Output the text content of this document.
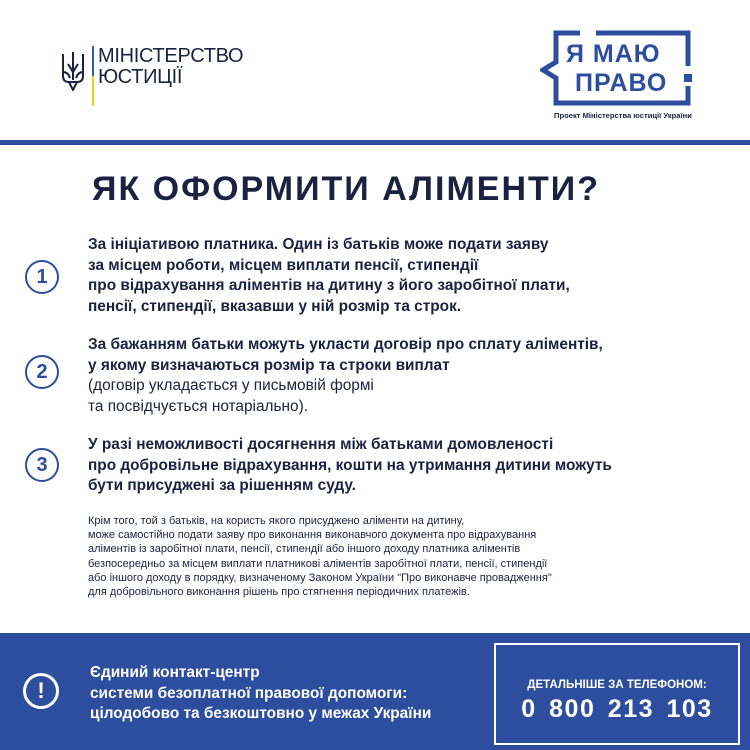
МІНІСТЕРСТВО
ЮСТИЦІЇ
Я МАЮ
ПРАВО
Проект Міністерства юстиції України
ЯК ОФОРМИТИ АЛІМЕНТИ?
1
За ініціативою платника. Один із батьків може подати заяву
за місцем роботи, місцем виплати пенсії, стипендії
про відрахування аліментів на дитину з його заробітної плати,
пенсії, стипендії, вказавши у ній розмір та строк.
2
За бажанням батьки можуть укласти договір про сплату аліментів,
у якому визначаються розмір та строки виплат
(договір укладається у письмовій формі
та посвідчується нотаріально).
3
У разі неможливості досягнення між батьками домовленості
про добровільне відрахування, кошти на утримання дитини можуть
бути присуджені за рішенням суду.
Крім того, той з батьків, на користь якого присуджено аліменти на дитину,
може самостійно подати заяву про виконання виконавчого документа про відрахування
аліментів із заробітної плати, пенсії, стипендії або іншого доходу платника аліментів
безпосередньо за місцем виплати платникові аліментів заробітної плати, пенсії, стипендії
або іншого доходу в порядку, визначеному Законом України "Про виконавче провадження"
для добровільного виконання рішень про стягнення періодичних платежів.
!
Єдиний контакт-центр
системи безоплатної правової допомоги:
цілодобово та безкоштовно у межах України
ДЕТАЛЬНІШЕ ЗА ТЕЛЕФОНОМ:
0 800 213 103
